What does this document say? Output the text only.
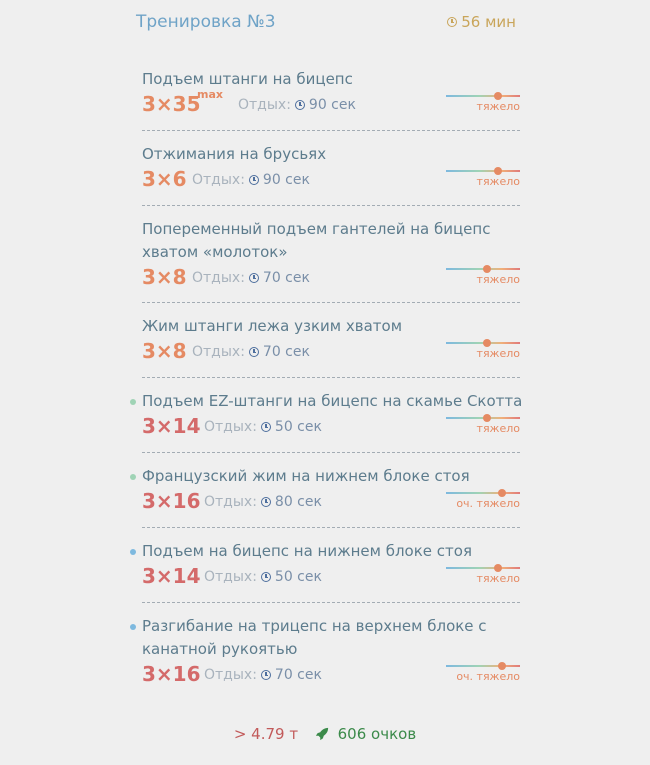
Тренировка №3	56 мин
Подъем штанги на бицепс
3×35
max
Отдых: 90 сек	тяжело
Отжимания на брусьях
3×6 Отдых: 90 сек	тяжело
Попеременный подъем гантелей на бицепс
хватом «молоток»
3×8 Отдых: 70 сек	тяжело
Жим штанги лежа узким хватом
3×8 Отдых: 70 сек	тяжело
Подъем EZ-штанги на бицепс на скамье Скотта
3×14 Отдых: 50 сек	тяжело
Французский жим на нижнем блоке стоя
3×16 Отдых: 80 сек	оч. тяжело
Подъем на бицепс на нижнем блоке стоя
3×14 Отдых: 50 сек	тяжело
Разгибание на трицепс на верхнем блоке с
канатной рукоятью
3×16 Отдых: 70 сек	оч. тяжело
> 4.79 т	606 очков
